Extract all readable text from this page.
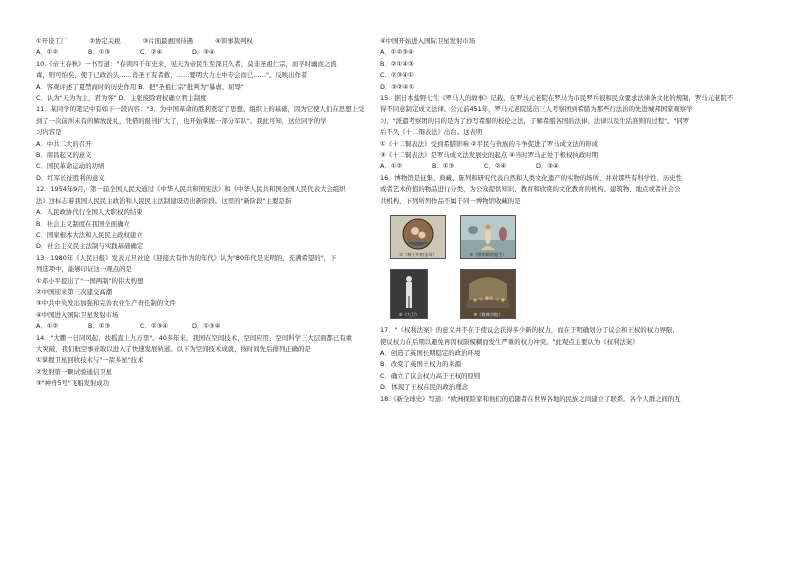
①开设工厂	②协定关税	③片面最惠国待遇	④领事裁判权
A．①②	B．①③	C．②④	D．③④
10.《帝王春秋》一书写道："春读四千年史来，见天为帝民生至深且久者，莫非圣祖仁宗，而孚时幽而之流
毒，则可怕矣，使于已政治头……兽圣王有者救，……要明大力士中专会而已……"。反映出作者
A．客观评述了夏禁商时的历史作用 B．把"圣祖仁宗"批判为"暴虐、屈辱"
C．认为"天为为主，君为客" D．主张废除君权确立君主制度
11．某同学的笔记中有如下一段内容："3．为中国革命的胜利奠定了思想、组织上的基础，因为它使人们在思想上受
到了一次前所未有的解放洗礼，凭借的报刊扩大了，也开始掌握一部分军队"。我此可知，这位同学的学
习内容是
A．中共二大的召开
B．南昌起义的意义
C．国民革命运动的功绩
D．红军长征胜利的意义
12．1954年9月，第一届全国人民大通过《中华人民共和国宪法》和《中华人民共和国全国人民代表大会组织
法》这标志着我国人民民主政治和人民民主法制建设迈出新阶段。这里的"新阶段"主要是指
A．人民政协代行全国人大职权的结束
B．社会主义制度在我国全面确立
C．国家根本大法和人民民主政权建立
D．社会主义民主法制与实践基础确定
13．1980年《人民日报》发表元旦社论《迎接大有作为的年代》认为"80年代是光明的，充满希望的"，下
列选项中，能够印证这一观点的是
①邓小平提出了"一国两制"的伟大构想
②中国迎来第三次建交高潮
③中共中央发出加强和完善农业生产责任制的文件
④中国进入国际卫星发射市场
A．①②	B．①③	C．②③④	D．①③④
14．"大鹏一日同风起，扶摇直上九万里"。40多年来，我国在空间技术、空间应用、空间科学三大层面都已有重
大突破，我们航空事业取以进入了快速发展轨道。以下为空间技术成就，按时间先后排列正确的是
①掌握卫星回收技术与"一箭多星"技术
②发射第一颗试验通信卫星
③"神舟5号"飞船发射成功
④中国开始进入国际卫星发射市场
A．①②③④
B．②①④③
C．②③④①
D．③②④①
15．据日本盐野七生《罗马人的故事》记载，在罗马元老院在罗马为市民罗兵很和民众要求法律条文化的规制，罗马元老院不
得不同意制定成文法律。公元前451年，罗马元老院选出三人考察团到希腊为那些行法治的先进城邦国家观察学
习，"派遣考察团的目的是为了抄写希腊的校伦之法，了解希腊各国的法律、法律以及生活准则的过程"。"同罗
后不久《十二铜表法》出台。这表明
①《十二铜表法》受到希腊影响 ②平民与贵族的斗争促进了罗马成文法的形成
③《十二铜表法》是罗马成文法发展史的起点 ④当时罗马正处于极权执政时期
A．①②	B．①③	C．②④	D．③④
16．博物馆是征集、典藏、陈列和研究代表自然和人类文化遗产的实物的场所，并对那些有科学性、历史性
或者艺术价值的物品进行分类，为公众提供知识、教育和欣赏的文化教育的机构、建筑物、地点或者社会公
共机构，下列所列作品不属于同一博物馆收藏的是
①《椅子中的圣母》	②《维纳斯的诞生》
③《大卫》	④《雅典学院》
17．"《权利法案》的意义并不在于使议会获得多少新的权力，而在于明确划分了议会和王权的权力界限，
使议权力在后期以避免再因权限模糊而发生严重的权力冲突。"此观点主要认为《权利法案》
A．创造了英国长期稳定的政治环境
B．改变了英国王权力的来源
C．确立了议会权力高于王权的原则
D．体现了王权在民的政治理念
18.《新全球史》写道："欧洲探险家和他们的追随者在世界各地的民族之间建立了联系。各个人群之间的互
